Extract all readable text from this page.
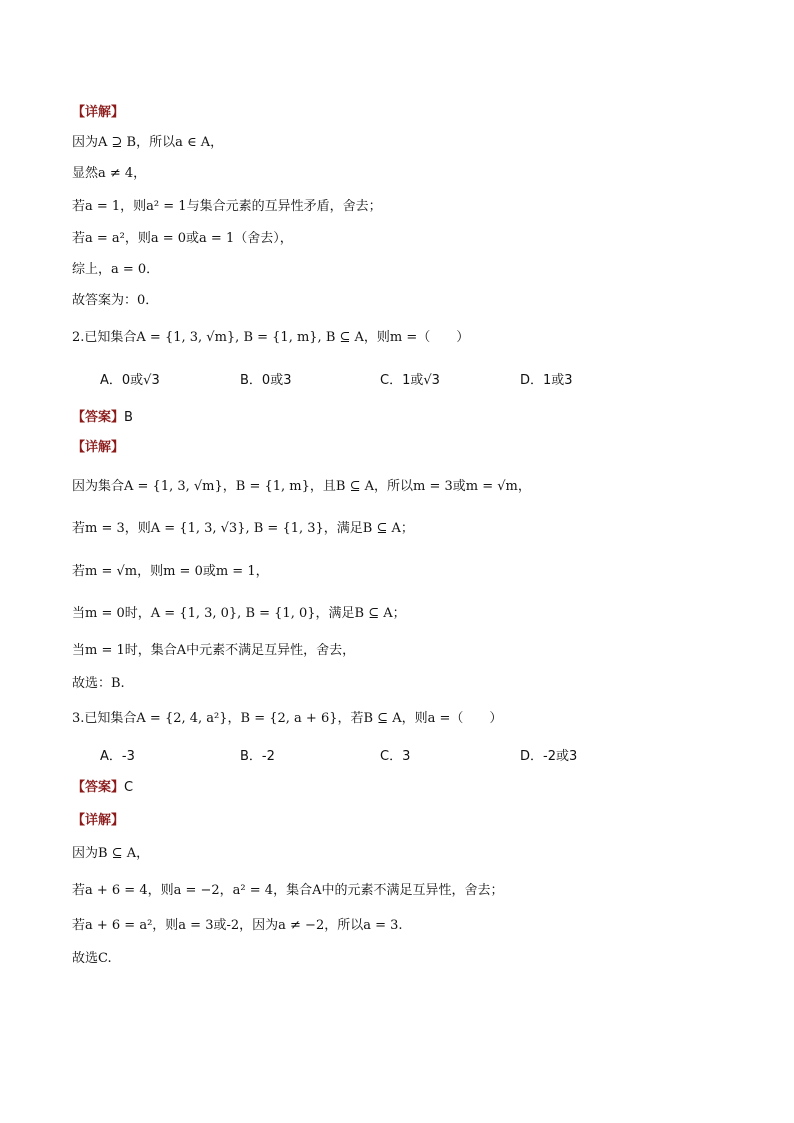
【详解】
因为A ⊇ B，所以a ∈ A，
显然a ≠ 4，
若a = 1，则a² = 1与集合元素的互异性矛盾，舍去；
若a = a²，则a = 0或a = 1（舍去），
综上，a = 0．
故答案为：0．
2.已知集合A = {1, 3, √m}, B = {1, m}, B ⊆ A，则m =（　　）
A．0或√3	B．0或3	C．1或√3	D．1或3
【答案】B
【详解】
因为集合A = {1, 3, √m}，B = {1, m}，且B ⊆ A，所以m = 3或m = √m，
若m = 3，则A = {1, 3, √3}, B = {1, 3}，满足B ⊆ A；
若m = √m，则m = 0或m = 1，
当m = 0时，A = {1, 3, 0}, B = {1, 0}，满足B ⊆ A；
当m = 1时，集合A中元素不满足互异性，舍去，
故选：B.
3.已知集合A = {2, 4, a²}，B = {2, a + 6}，若B ⊆ A，则a =（　　）
A．-3	B．-2	C．3	D．-2或3
【答案】C
【详解】
因为B ⊆ A，
若a + 6 = 4，则a = −2，a² = 4，集合A中的元素不满足互异性，舍去；
若a + 6 = a²，则a = 3或-2，因为a ≠ −2，所以a = 3.
故选C.
